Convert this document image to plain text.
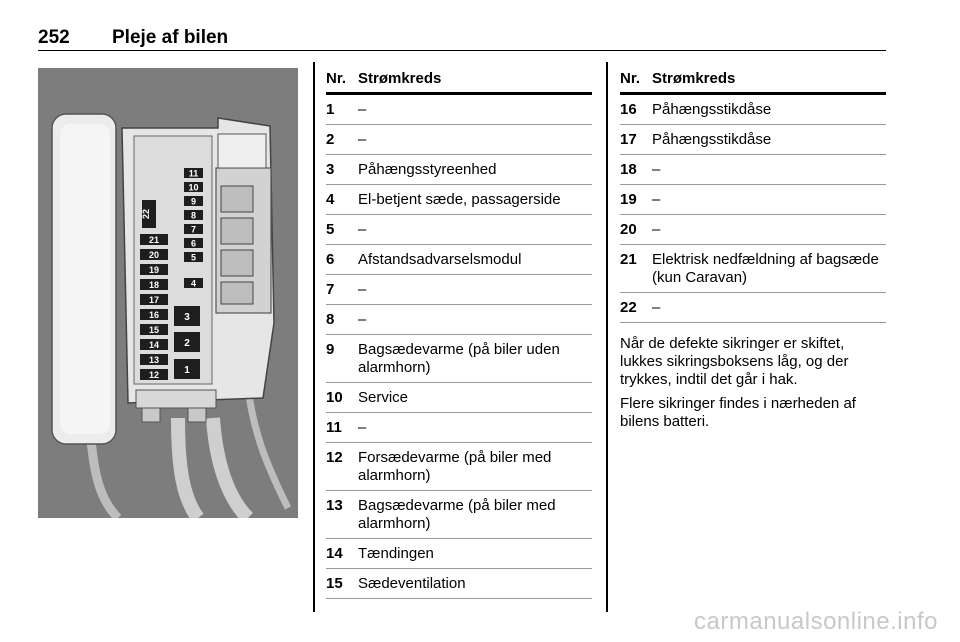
252 Pleje af bilen
22
11
10
9
8
7
6
5
4
3
2
1
21
20
19
18
17
16
15
14
13
12
Nr. Strømkreds
1 –
2 –
3 Påhængsstyreenhed
4 El-betjent sæde, passagerside
5 –
6 Afstandsadvarselsmodul
7 –
8 –
9 Bagsædevarme (på biler uden alarmhorn)
10 Service
11 –
12 Forsædevarme (på biler med alarmhorn)
13 Bagsædevarme (på biler med alarmhorn)
14 Tændingen
15 Sædeventilation
Nr. Strømkreds
16 Påhængsstikdåse
17 Påhængsstikdåse
18 –
19 –
20 –
21 Elektrisk nedfældning af bagsæde (kun Caravan)
22 –

Når de defekte sikringer er skiftet, lukkes sikringsboksens låg, og der trykkes, indtil det går i hak.

Flere sikringer findes i nærheden af bilens batteri.

carmanualsonline.info
